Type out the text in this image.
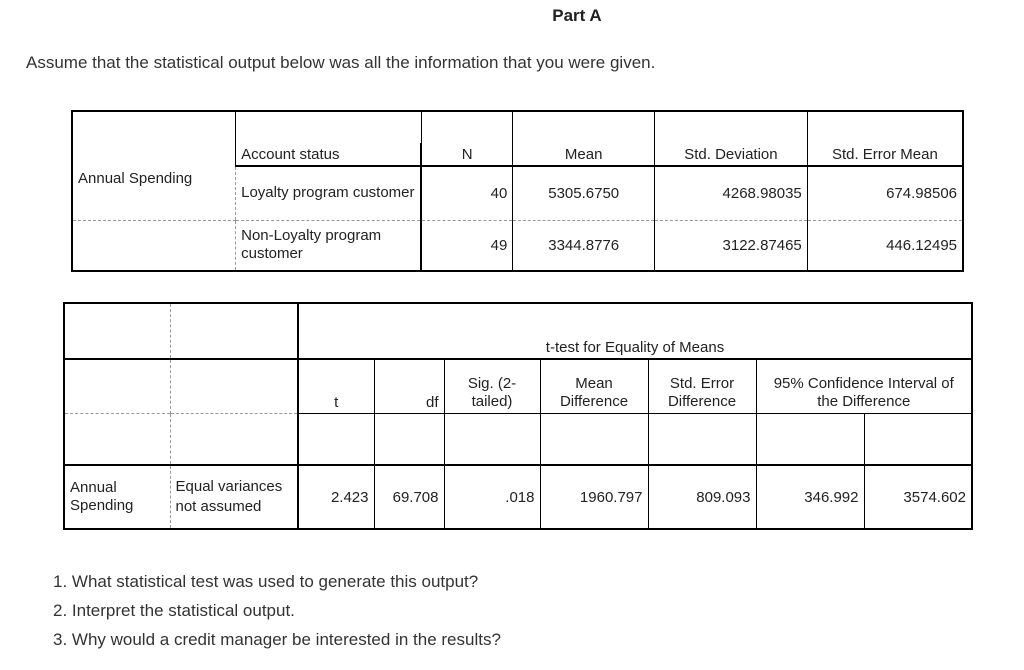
Part A
Assume that the statistical output below was all the information that you were given.

	Account status	N	Mean	Std. Deviation	Std. Error Mean
Annual Spending	Loyalty program customer	40	5305.6750	4268.98035	674.98506
	Non-Loyalty program customer	49	3344.8776	3122.87465	446.12495
		t-test for Equality of Means						
		t	df	Sig. (2-tailed)	Mean Difference	Std. Error Difference	95% Confidence Interval of the Difference	

Annual Spending	Equal variances not assumed	2.423	69.708	.018	1960.797	809.093	346.992	3574.602
1. What statistical test was used to generate this output?
2. Interpret the statistical output.
3. Why would a credit manager be interested in the results?
